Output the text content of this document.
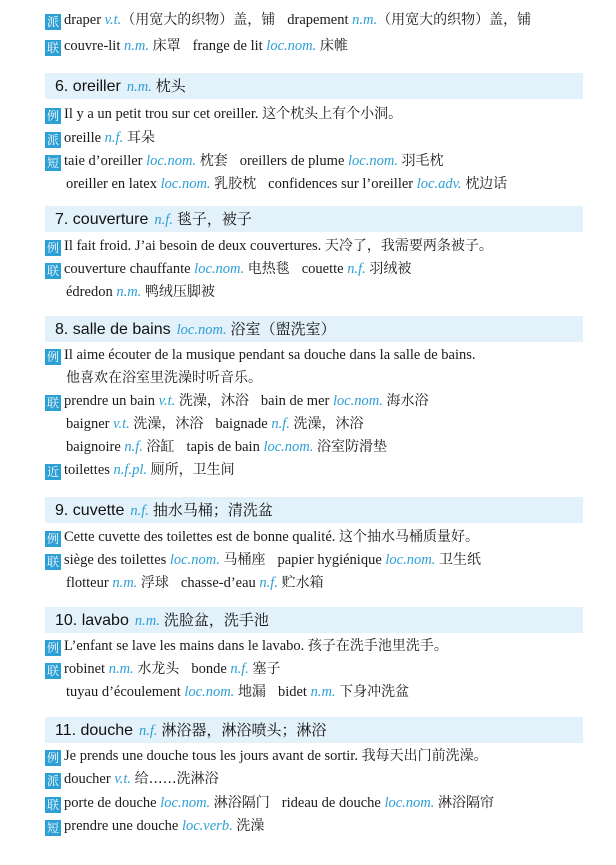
派 draper v.t.（用宽大的织物）盖，铺 drapement n.m.（用宽大的织物）盖，铺
联 couvre-lit n.m. 床罩 frange de lit loc.nom. 床帷
6. oreiller n.m. 枕头
例 Il y a un petit trou sur cet oreiller. 这个枕头上有个小洞。
派 oreille n.f. 耳朵
短 taie d’oreiller loc.nom. 枕套 oreillers de plume loc.nom. 羽毛枕
oreiller en latex loc.nom. 乳胶枕 confidences sur l’oreiller loc.adv. 枕边话
7. couverture n.f. 毯子，被子
例 Il fait froid. J’ai besoin de deux couvertures. 天冷了，我需要两条被子。
联 couverture chauffante loc.nom. 电热毯 couette n.f. 羽绒被
édredon n.m. 鸭绒压脚被
8. salle de bains loc.nom. 浴室（盥洗室）
例 Il aime écouter de la musique pendant sa douche dans la salle de bains.
他喜欢在浴室里洗澡时听音乐。
联 prendre un bain v.t. 洗澡，沐浴 bain de mer loc.nom. 海水浴
baigner v.t. 洗澡，沐浴 baignade n.f. 洗澡，沐浴
baignoire n.f. 浴缸 tapis de bain loc.nom. 浴室防滑垫
近 toilettes n.f.pl. 厕所，卫生间
9. cuvette n.f. 抽水马桶；清洗盆
例 Cette cuvette des toilettes est de bonne qualité. 这个抽水马桶质量好。
联 siège des toilettes loc.nom. 马桶座 papier hygiénique loc.nom. 卫生纸
flotteur n.m. 浮球 chasse-d’eau n.f. 贮水箱
10. lavabo n.m. 洗脸盆，洗手池
例 L’enfant se lave les mains dans le lavabo. 孩子在洗手池里洗手。
联 robinet n.m. 水龙头 bonde n.f. 塞子
tuyau d’écoulement loc.nom. 地漏 bidet n.m. 下身冲洗盆
11. douche n.f. 淋浴器，淋浴喷头；淋浴
例 Je prends une douche tous les jours avant de sortir. 我每天出门前洗澡。
派 doucher v.t. 给……洗淋浴
联 porte de douche loc.nom. 淋浴隔门 rideau de douche loc.nom. 淋浴隔帘
短 prendre une douche loc.verb. 洗澡
